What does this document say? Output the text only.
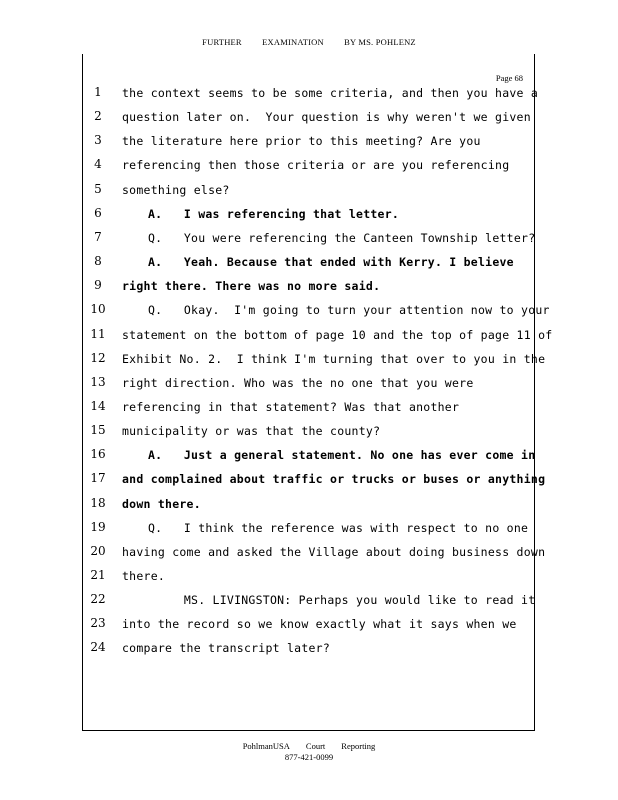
FURTHER EXAMINATION BY MS. POHLENZ
Page 68
1	the context seems to be some criteria, and then you have a
2	question later on.  Your question is why weren't we given
3	the literature here prior to this meeting? Are you
4	referencing then those criteria or are you referencing
5	something else?
6	A.   I was referencing that letter.
7	Q.   You were referencing the Canteen Township letter?
8	A.   Yeah. Because that ended with Kerry. I believe
9	right there. There was no more said.
10	Q.   Okay.  I'm going to turn your attention now to your
11 statement on the bottom of page 10 and the top of page 11 of
12 Exhibit No. 2.  I think I'm turning that over to you in the
13 right direction. Who was the no one that you were
14 referencing in that statement? Was that another
15 municipality or was that the county?
16	A.   Just a general statement. No one has ever come in
17 and complained about traffic or trucks or buses or anything
18 down there.
19	Q.   I think the reference was with respect to no one
20 having come and asked the Village about doing business down
21 there.
22	MS. LIVINGSTON: Perhaps you would like to read it
23 into the record so we know exactly what it says when we
24 compare the transcript later?
PohlmanUSA Court Reporting
877-421-0099
